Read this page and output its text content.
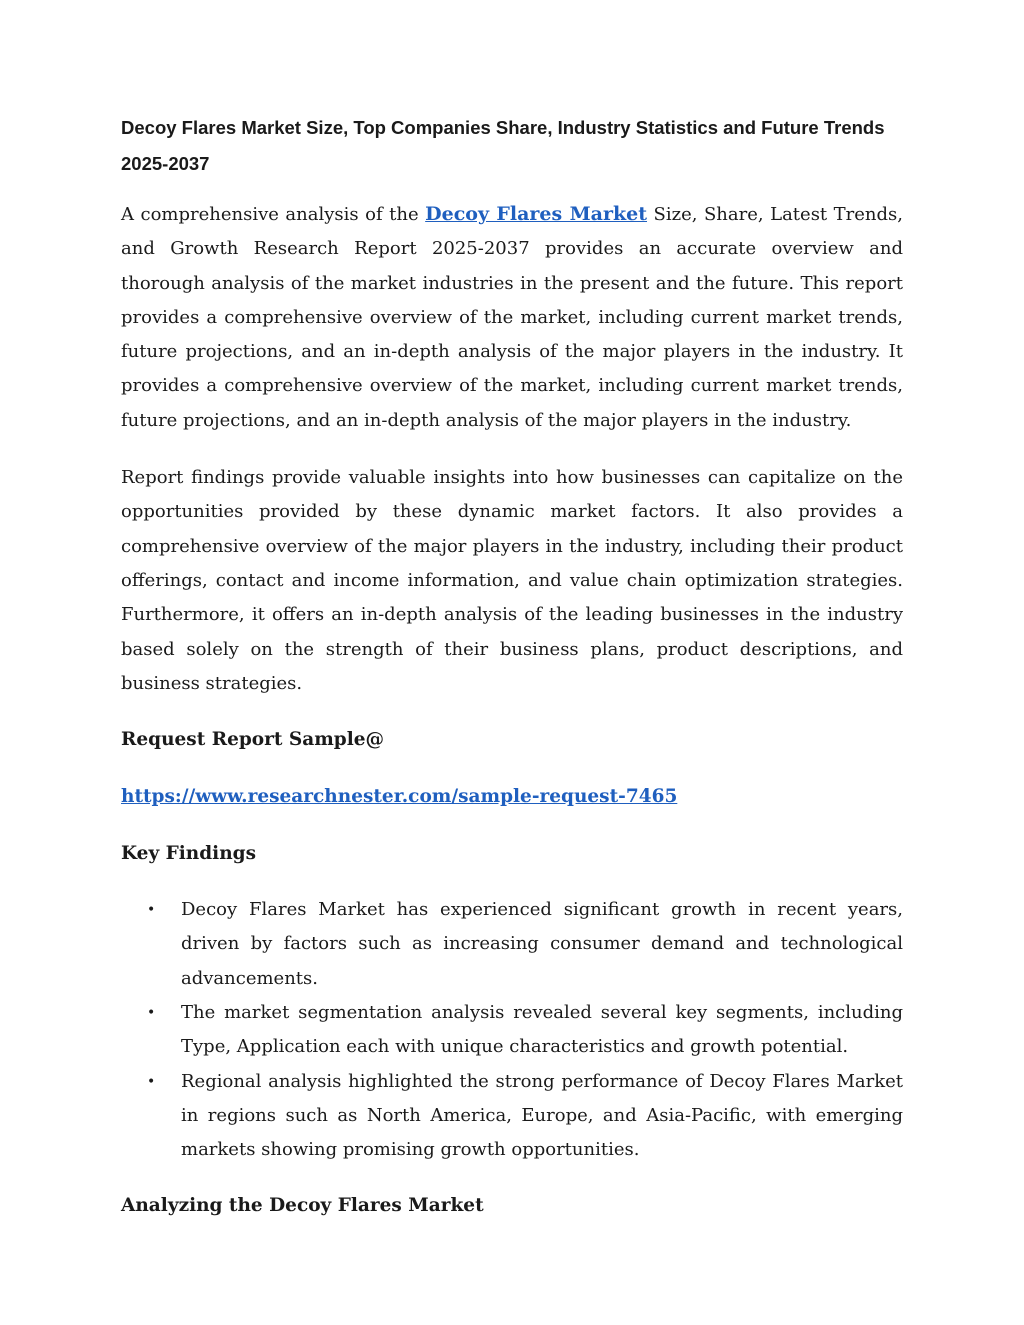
Decoy Flares Market Size, Top Companies Share, Industry Statistics and Future Trends 2025-2037

A comprehensive analysis of the Decoy Flares Market Size, Share, Latest Trends, and Growth Research Report 2025-2037 provides an accurate overview and thorough analysis of the market industries in the present and the future. This report provides a comprehensive overview of the market, including current market trends, future projections, and an in-depth analysis of the major players in the industry. It provides a comprehensive overview of the market, including current market trends, future projections, and an in-depth analysis of the major players in the industry.

Report findings provide valuable insights into how businesses can capitalize on the opportunities provided by these dynamic market factors. It also provides a comprehensive overview of the major players in the industry, including their product offerings, contact and income information, and value chain optimization strategies. Furthermore, it offers an in-depth analysis of the leading businesses in the industry based solely on the strength of their business plans, product descriptions, and business strategies.

Request Report Sample@
https://www.researchnester.com/sample-request-7465
Key Findings
• Decoy Flares Market has experienced significant growth in recent years, driven by factors such as increasing consumer demand and technological advancements.
• The market segmentation analysis revealed several key segments, including Type, Application each with unique characteristics and growth potential.
• Regional analysis highlighted the strong performance of Decoy Flares Market in regions such as North America, Europe, and Asia-Pacific, with emerging markets showing promising growth opportunities.
Analyzing the Decoy Flares Market
